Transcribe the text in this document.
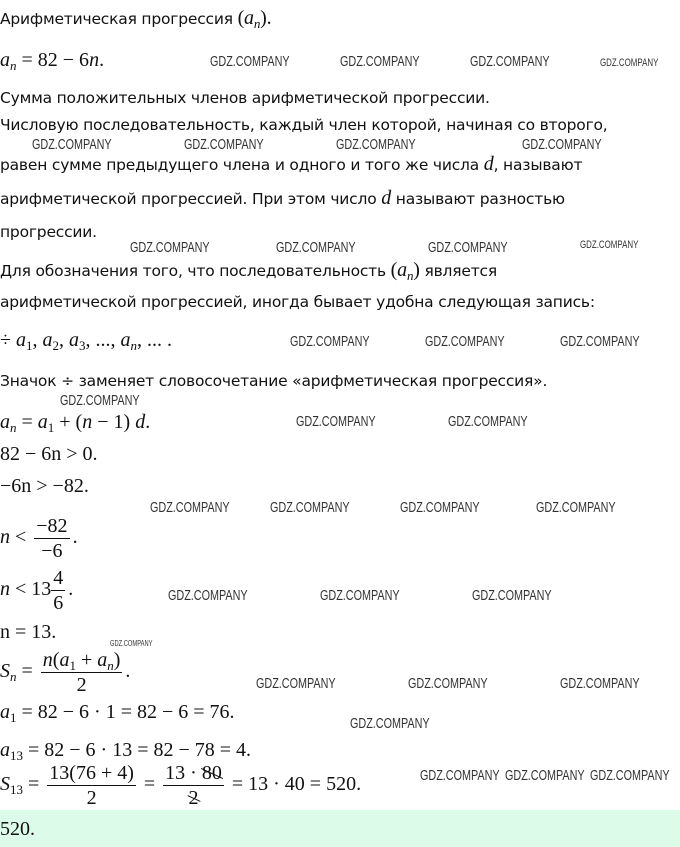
Арифметическая прогрессия $(a_n)$.
$a_n = 82 - 6n$.
Сумма положительных членов арифметической прогрессии.
Числовую последовательность, каждый член которой, начиная со второго,
равен сумме предыдущего члена и одного и того же числа d, называют
арифметической прогрессией. При этом число d называют разностью
прогрессии.
Для обозначения того, что последовательность $(a_n)$ является
арифметической прогрессией, иногда бывает удобна следующая запись:
÷ $a_1$, $a_2$, $a_3$, ..., $a_n$, ... .
Значок ÷ заменяет словосочетание «арифметическая прогрессия».
$a_n = a_1 + (n - 1)$ d.
82 − 6n > 0.
−6n > −82.
$n < \frac{-82}{-6}$ .
$n < 13 \frac{4}{6}$ .
n = 13.
$S_n = \frac{n(a_1 + a_n)}{2}$ .
$a_1 = 82 - 6 \cdot 1 = 82 - 6 = 76$.
$a_{13} = 82 - 6 \cdot 13 = 82 - 78 = 4$.
$S_{13} = \frac{13(76 + 4)}{2} = \frac{13 \cdot 80}{2} = 13 \cdot 40 = 520$.
520.
GDZ.COMPANY	GDZ.COMPANY	GDZ.COMPANY	GDZ.COMPANY
GDZ.COMPANY	GDZ.COMPANY	GDZ.COMPANY	GDZ.COMPANY
GDZ.COMPANY	GDZ.COMPANY	GDZ.COMPANY	GDZ.COMPANY
GDZ.COMPANY	GDZ.COMPANY	GDZ.COMPANY
GDZ.COMPANY
GDZ.COMPANY	GDZ.COMPANY
GDZ.COMPANY	GDZ.COMPANY	GDZ.COMPANY	GDZ.COMPANY
GDZ.COMPANY	GDZ.COMPANY	GDZ.COMPANY
GDZ.COMPANY
GDZ.COMPANY	GDZ.COMPANY	GDZ.COMPANY
GDZ.COMPANY
GDZ.COMPANY GDZ.COMPANY GDZ.COMPANY
